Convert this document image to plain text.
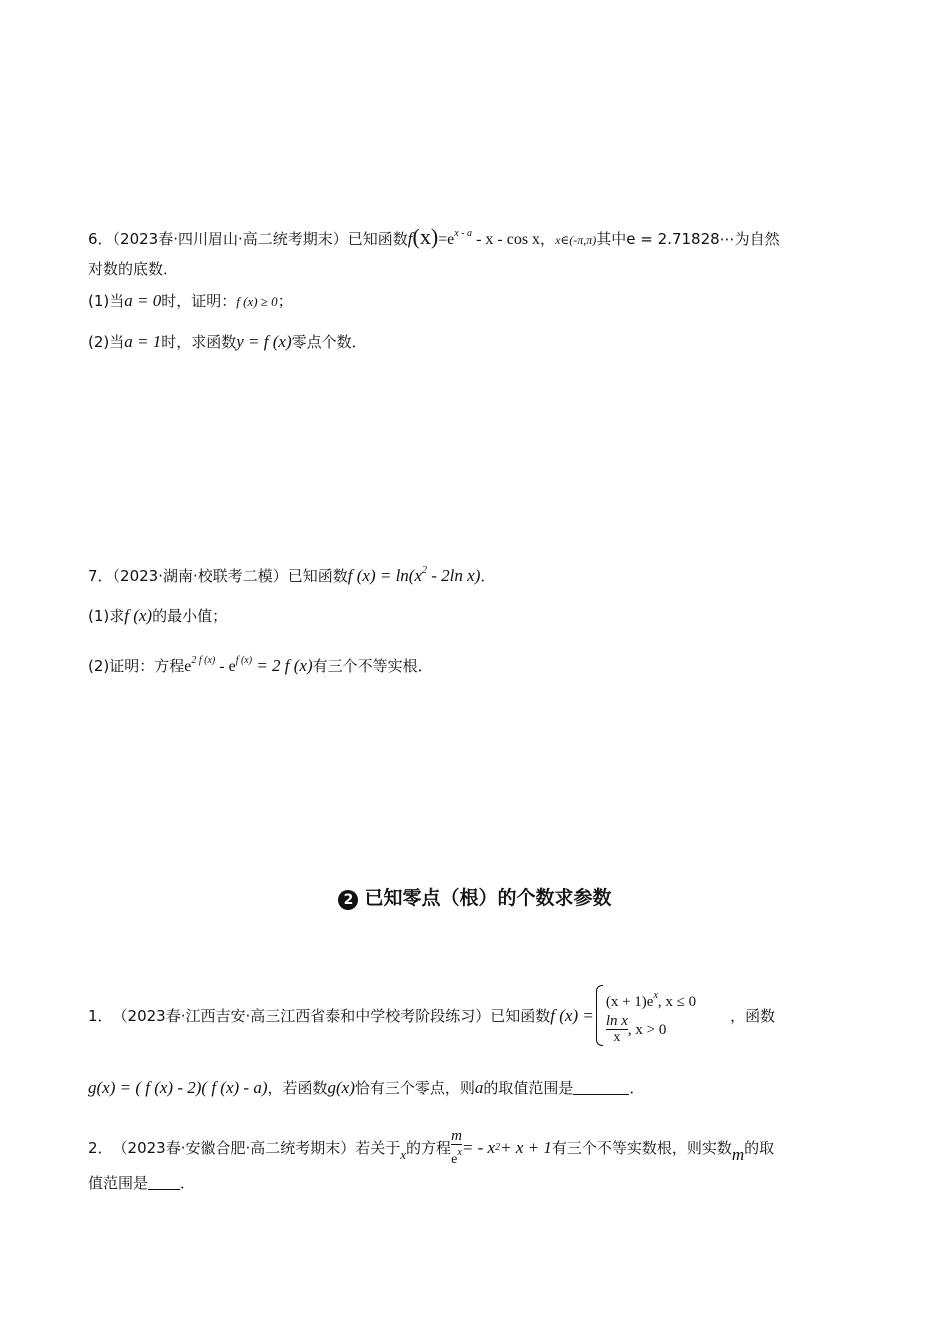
6．（2023春·四川眉山·高二统考期末）已知函数$f(x)=e^{x - a} - x - \cos x$，x∈(-π,π)其中e = 2.71828⋯为自然
对数的底数．
(1)当a = 0时，证明：f (x) ≥ 0；
(2)当a = 1时，求函数y = f (x)零点个数．
7．（2023·湖南·校联考二模）已知函数f $(x) = \ln(x^2 - 2\ln$ x)．
(1)求f (x)的最小值；
(2)证明：方程$e^{2 f (x)} - e^{f (x)} = 2$ f (x)有三个不等实根．
2 已知零点（根）的个数求参数
1． （2023春·江西吉安·高三江西省泰和中学校考阶段练习）已知函数 f (x) =
$(x + 1)e^x$, x ≤ 0
$\frac{\text{ln x}}{x}$ , x > 0
，函数
g(x) = ( f (x) - 2)( f (x) - a)，若函数g(x)恰有三个零点，则a的取值范围是	．
2． （2023春·安徽合肥·高二统考期末）若关于 x 的方程 $\frac{m}{e^x}$ = - x 2 + x + 1 有三个不等实数根，则实数 m 的取
值范围是 ．
